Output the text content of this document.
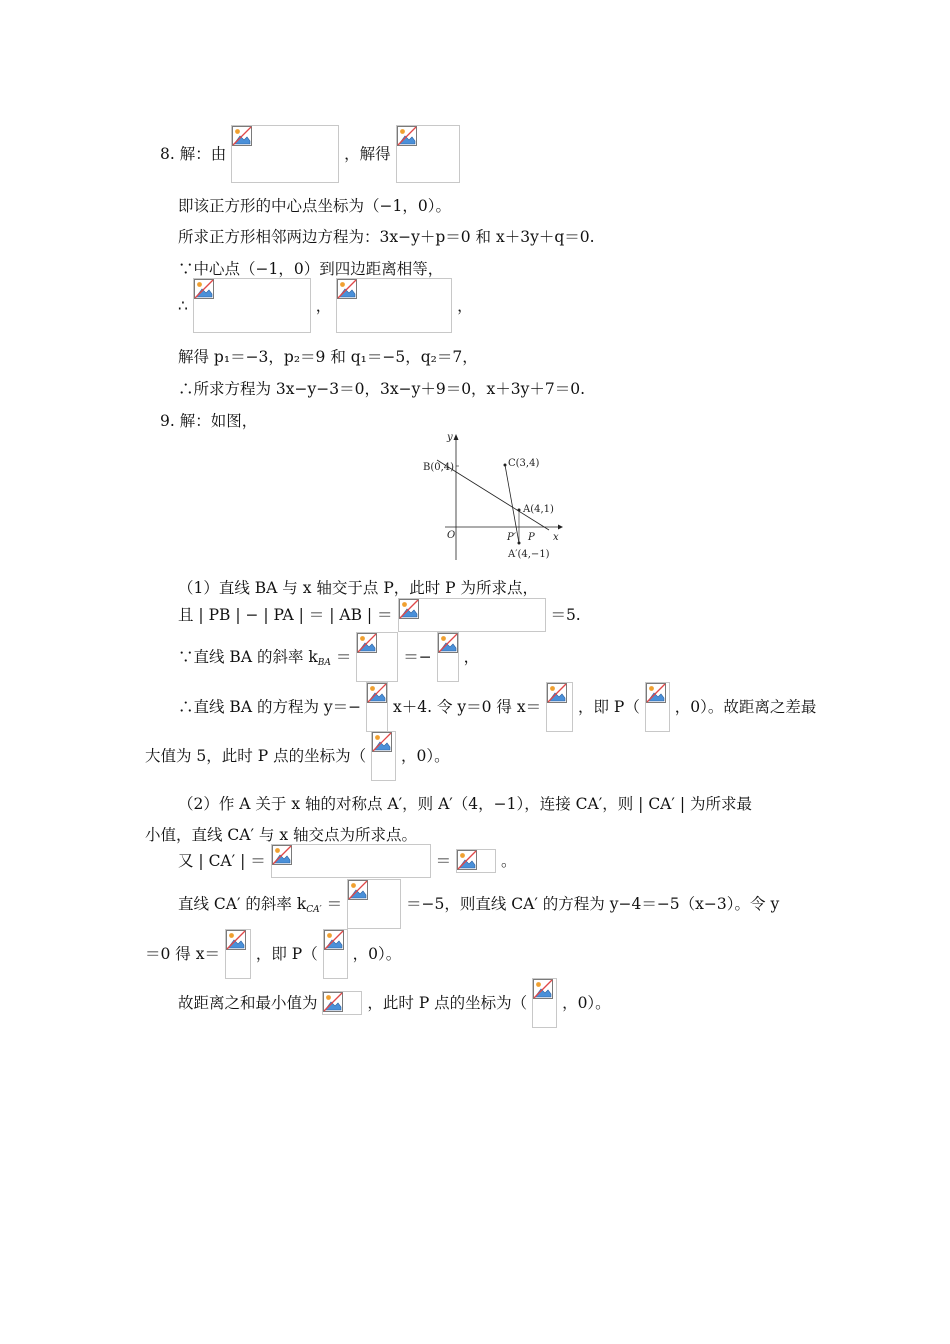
8. 解：由	，解得
即该正方形的中心点坐标为（−1，0）。
所求正方形相邻两边方程为：3x−y＋p＝0 和 x＋3y＋q＝0.
∵中心点（−1，0）到四边距离相等，
∴	，	，
解得 p₁＝−3，p₂＝9 和 q₁＝−5，q₂＝7，
∴所求方程为 3x−y−3＝0，3x−y＋9＝0，x＋3y＋7＝0.
9. 解：如图，
y
x
O
B(0,4)	C(3,4)
A(4,1)
P′ P
A′(4,−1)
（1）直线 BA 与 x 轴交于点 P，此时 P 为所求点，
且 | PB | − | PA | ＝ | AB | ＝	＝5.
∵直线 BA 的斜率 kBA ＝	＝− ，
∴直线 BA 的方程为 y＝− x＋4. 令 y＝0 得 x＝ ，即 P（ ，0）。故距离之差最
大值为 5，此时 P 点的坐标为（ ，0）。
（2）作 A 关于 x 轴的对称点 A′，则 A′（4，−1），连接 CA′，则 | CA′ | 为所求最
小值，直线 CA′ 与 x 轴交点为所求点。
又 | CA′ | ＝	＝	。
直线 CA′ 的斜率 kCA′ ＝	＝−5，则直线 CA′ 的方程为 y−4＝−5（x−3）。令 y
＝0 得 x＝ ，即 P（ ，0）。
故距离之和最小值为	，此时 P 点的坐标为（ ，0）。
